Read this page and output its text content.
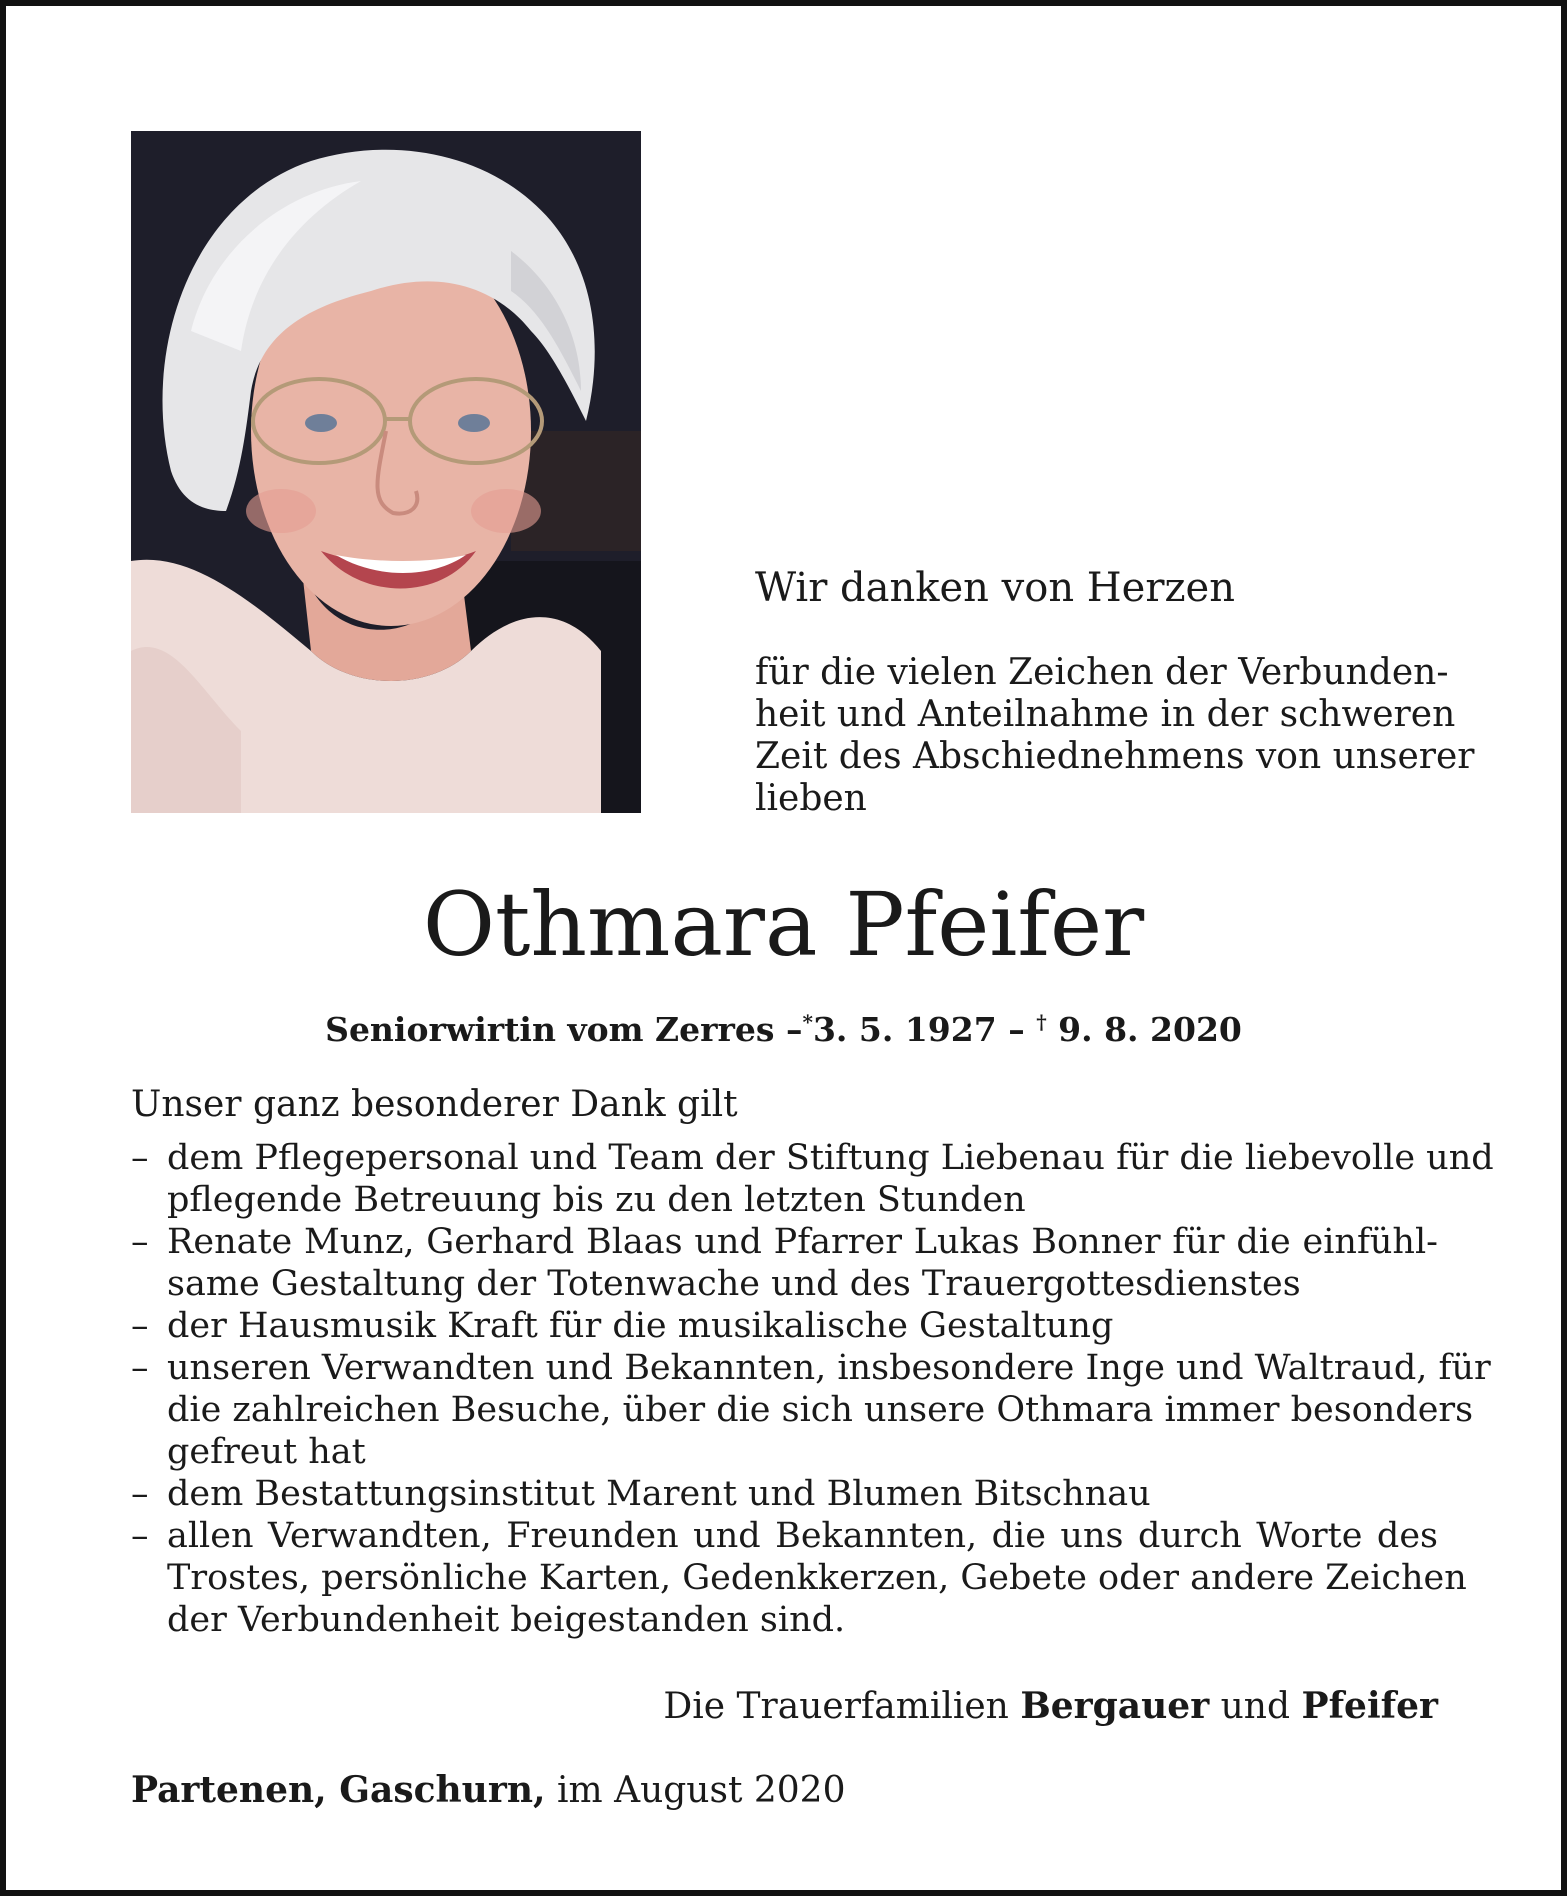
Wir danken von Herzen
für die vielen Zeichen der Verbunden-
heit und Anteilnahme in der schweren
Zeit des Abschiednehmens von unserer
lieben
Othmara Pfeifer
Seniorwirtin vom Zerres –*3. 5. 1927 – † 9. 8. 2020
Unser ganz besonderer Dank gilt
– dem Pflegepersonal und Team der Stiftung Liebenau für die liebevolle und
pflegende Betreuung bis zu den letzten Stunden
– Renate Munz, Gerhard Blaas und Pfarrer Lukas Bonner für die einfühl-
same Gestaltung der Totenwache und des Trauergottesdienstes
– der Hausmusik Kraft für die musikalische Gestaltung
– unseren Verwandten und Bekannten, insbesondere Inge und Waltraud, für
die zahlreichen Besuche, über die sich unsere Othmara immer besonders
gefreut hat
– dem Bestattungsinstitut Marent und Blumen Bitschnau
– allen Verwandten, Freunden und Bekannten, die uns durch Worte des
Trostes, persönliche Karten, Gedenkkerzen, Gebete oder andere Zeichen
der Verbundenheit beigestanden sind.
Die Trauerfamilien Bergauer und Pfeifer
Partenen, Gaschurn, im August 2020
